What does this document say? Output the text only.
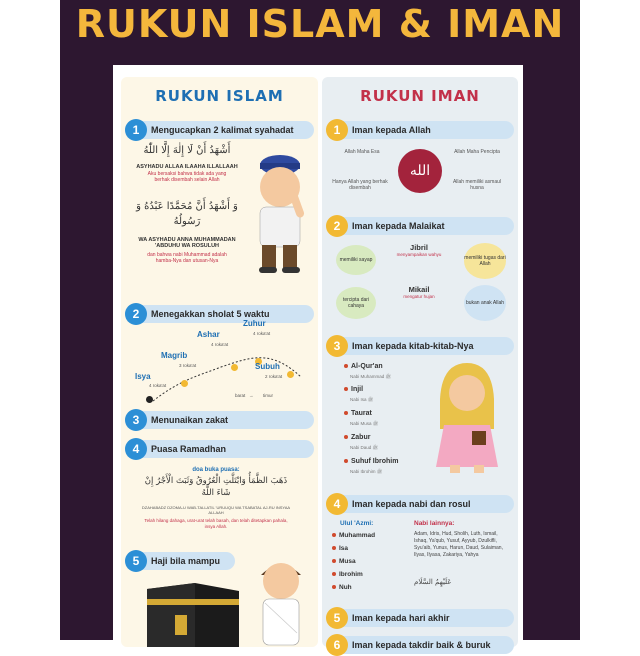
RUKUN ISLAM & IMAN
RUKUN ISLAM
1	Mengucapkan 2 kalimat syahadat
أَشْهَدُ أَنْ لَا إِلٰهَ إِلَّا اللّٰهُ
ASYHADU ALLAA ILAAHA ILLALLAAH
Aku bersaksi bahwa tidak ada yang berhak disembah selain Allah
وَ أَشْهَدُ أَنَّ مُحَمَّدًا عَبْدُهُ وَ رَسُولُهُ
WA ASYHADU ANNA MUHAMMADAN 'ABDUHU WA ROSULUH
dan bahwa nabi Muhammad adalah hamba-Nya dan utusan-Nya
2	Menegakkan sholat 5 waktu
Isya
4 roka'at
Magrib
3 roka'at
Ashar
4 roka'at
Zuhur
4 roka'at
Subuh
2 roka'at
barat → timur
3	Menunaikan zakat
4	Puasa Ramadhan
doa buka puasa:
ذَهَبَ الظَّمَأُ وَابْتَلَّتِ الْعُرُوقُ وَثَبَتَ الْأَجْرُ إِنْ شَاءَ اللَّهُ
DZAHABADZ DZOMA-U WAB-TALLATIL 'URUUQU WA TSABATAL AJ-RU INSYAA ALLAAH
Telah hilang dahaga, urat-urat telah basah, dan telah ditetapkan pahala, insya Allah.
5	Haji bila mampu
RUKUN IMAN
1	Iman kepada Allah
Allah Maha Esa	Allah Maha Pencipta
Hanya Allah yang berhak disembah
Allah memiliki asmaul husna
الله
2	Iman kepada Malaikat
memiliki sayap
Jibril
menyampaikan wahyu
memiliki tugas dari Allah
tercipta dari cahaya
Mikail
mengatur hujan
bukan anak Allah
3	Iman kepada kitab-kitab-Nya
Al-Qur'an
Nabi Muhammad ﷺ
Injil
Nabi Isa ﷺ
Taurat
Nabi Musa ﷺ
Zabur
Nabi Daud ﷺ
Suhuf Ibrohim
Nabi Ibrohim ﷺ
4	Iman kepada nabi dan rosul
Ulul 'Azmi:
Muhammad
Isa
Musa
Ibrohim
Nuh
Nabi lainnya:
Adam, Idris, Hud, Sholih, Luth, Ismail, Ishaq, Ya'qub, Yusuf, Ayyub, Dzulkifli, Syu'aib, Yunus, Harun, Daud, Sulaiman, Ilyas, Ilyasa, Zakariya, Yahya
عَلَيْهِمُ السَّلَام
5	Iman kepada hari akhir
6	Iman kepada takdir baik & buruk
